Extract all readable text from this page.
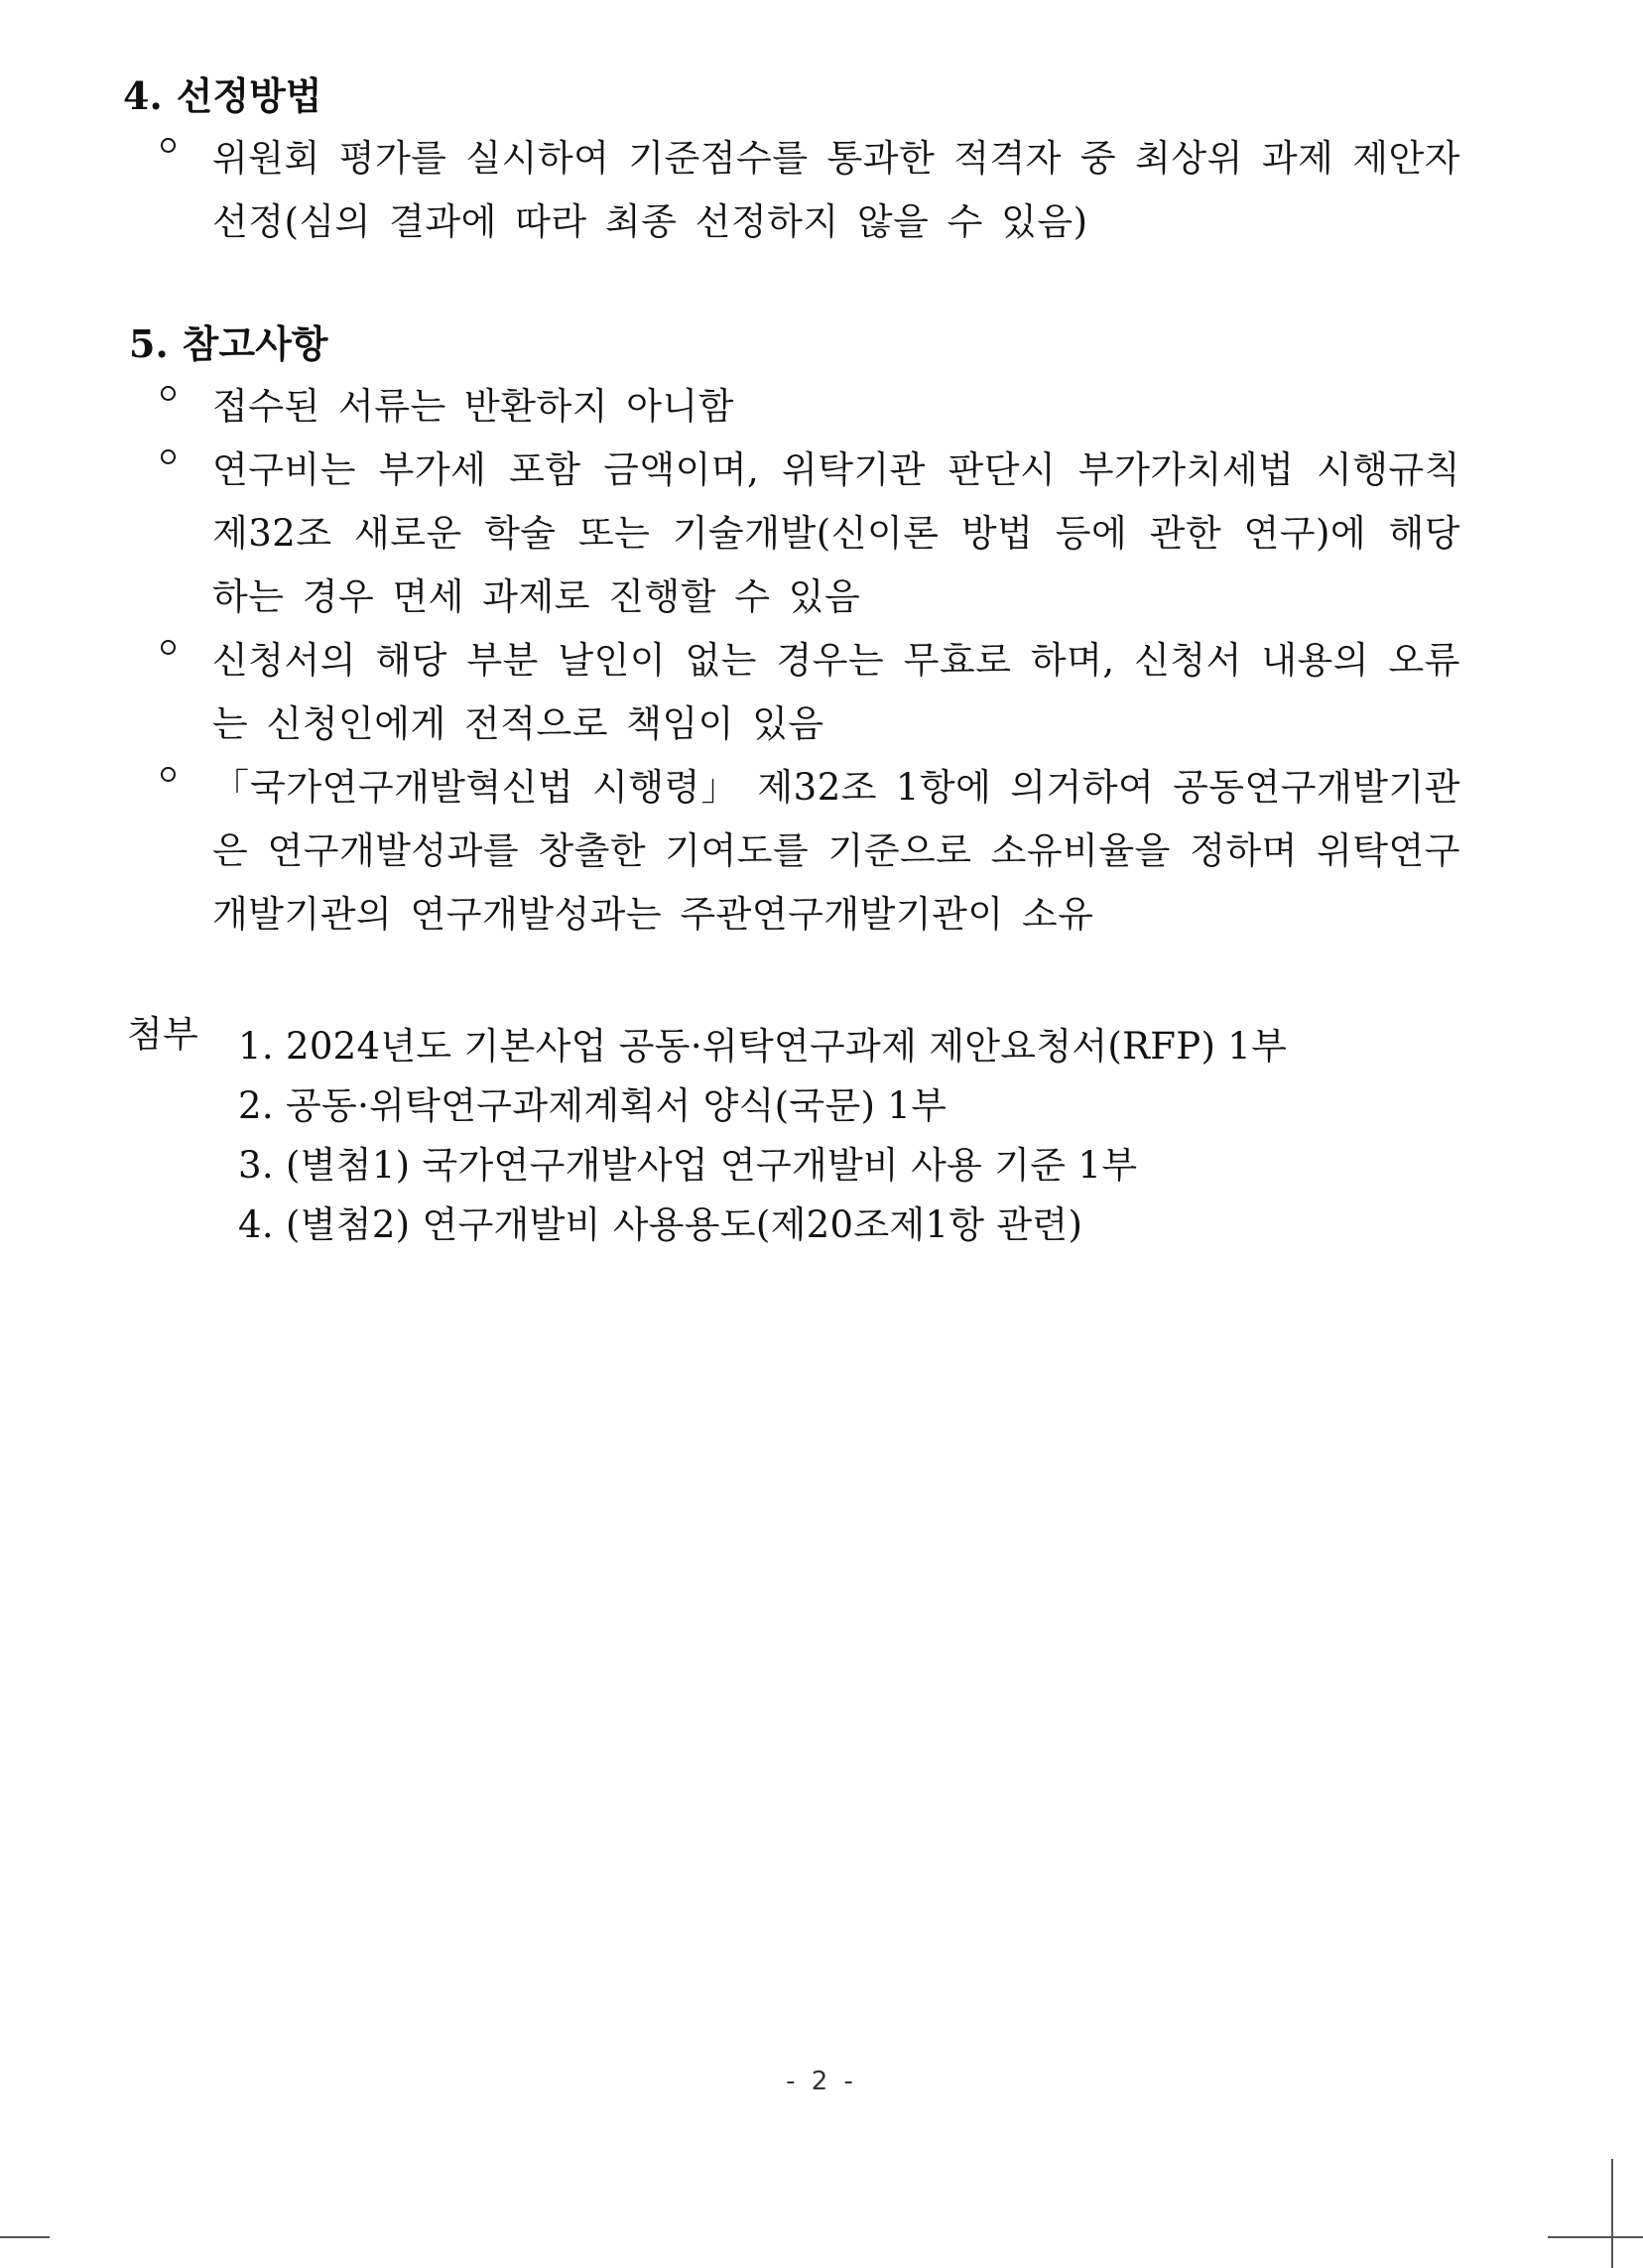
4. 선정방법
위원회 평가를 실시하여 기준점수를 통과한 적격자 중 최상위 과제 제안자 선정(심의 결과에 따라 최종 선정하지 않을 수 있음)
5. 참고사항
접수된 서류는 반환하지 아니함
연구비는 부가세 포함 금액이며, 위탁기관 판단시 부가가치세법 시행규칙 제32조 새로운 학술 또는 기술개발(신이론 방법 등에 관한 연구)에 해당 하는 경우 면세 과제로 진행할 수 있음
신청서의 해당 부분 날인이 없는 경우는 무효로 하며, 신청서 내용의 오류는 신청인에게 전적으로 책임이 있음
「국가연구개발혁신법 시행령」 제32조 1항에 의거하여 공동연구개발기관은 연구개발성과를 창출한 기여도를 기준으로 소유비율을 정하며 위탁연구개발기관의 연구개발성과는 주관연구개발기관이 소유
첨부 1. 2024년도 기본사업 공동·위탁연구과제 제안요청서(RFP) 1부
2. 공동·위탁연구과제계획서 양식(국문) 1부
3. (별첨1) 국가연구개발사업 연구개발비 사용 기준 1부
4. (별첨2) 연구개발비 사용용도(제20조제1항 관련)
- 2 -
